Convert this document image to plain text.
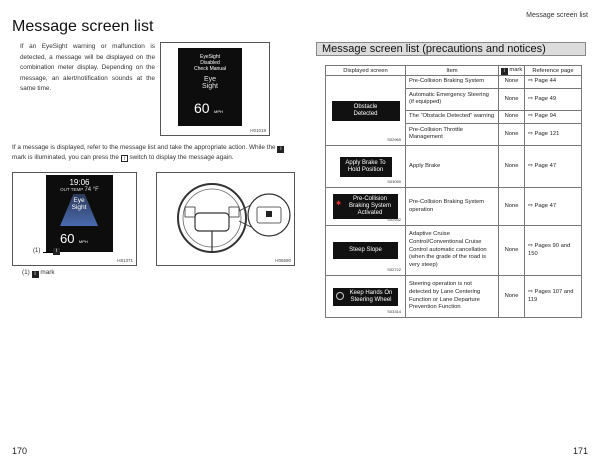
Message screen list
Message screen list

If an EyeSight warning or malfunction is detected, a message will be displayed on the combination meter display. Depending on the message, an alert/notification sounds at the same time.

EyeSight
Disabled
Check Manual
Eye Sight
60 MPH
H01019

If a message is displayed, refer to the message list and take the appropriate action. While the i mark is illuminated, you can press the i switch to display the message again.

19:06
OUT TEMP 74 °F
Eye Sight
60 MPH
(1)	i
H81371	H06590
(1) i mark
170
Message screen list (precautions and notices)
Displayed screen	Item	i mark	Reference page

Obstacle Detected
S02969	Pre-Collision Braking System	None	⇨ Page 44
	Automatic Emergency Steering (if equipped)	None	⇨ Page 49
	The “Obstacle Detected” warning	None	⇨ Page 94
	Pre-Collision Throttle Management	None	⇨ Page 121

Apply Brake To Hold Position
S03090	Apply Brake	None	⇨ Page 47

✱
Pre-Collision Braking System Activated
S02932	Pre-Collision Braking System operation	None	⇨ Page 47

Steep Slope
S02722	Adaptive Cruise Control/Conventional Cruise Control automatic cancellation (when the grade of the road is very steep)	None	⇨ Pages 90 and 150

Keep Hands On Steering Wheel
S03314	Steering operation is not detected by Lane Centering Function or Lane Departure Prevention Function	None	⇨ Pages 107 and 119
171
